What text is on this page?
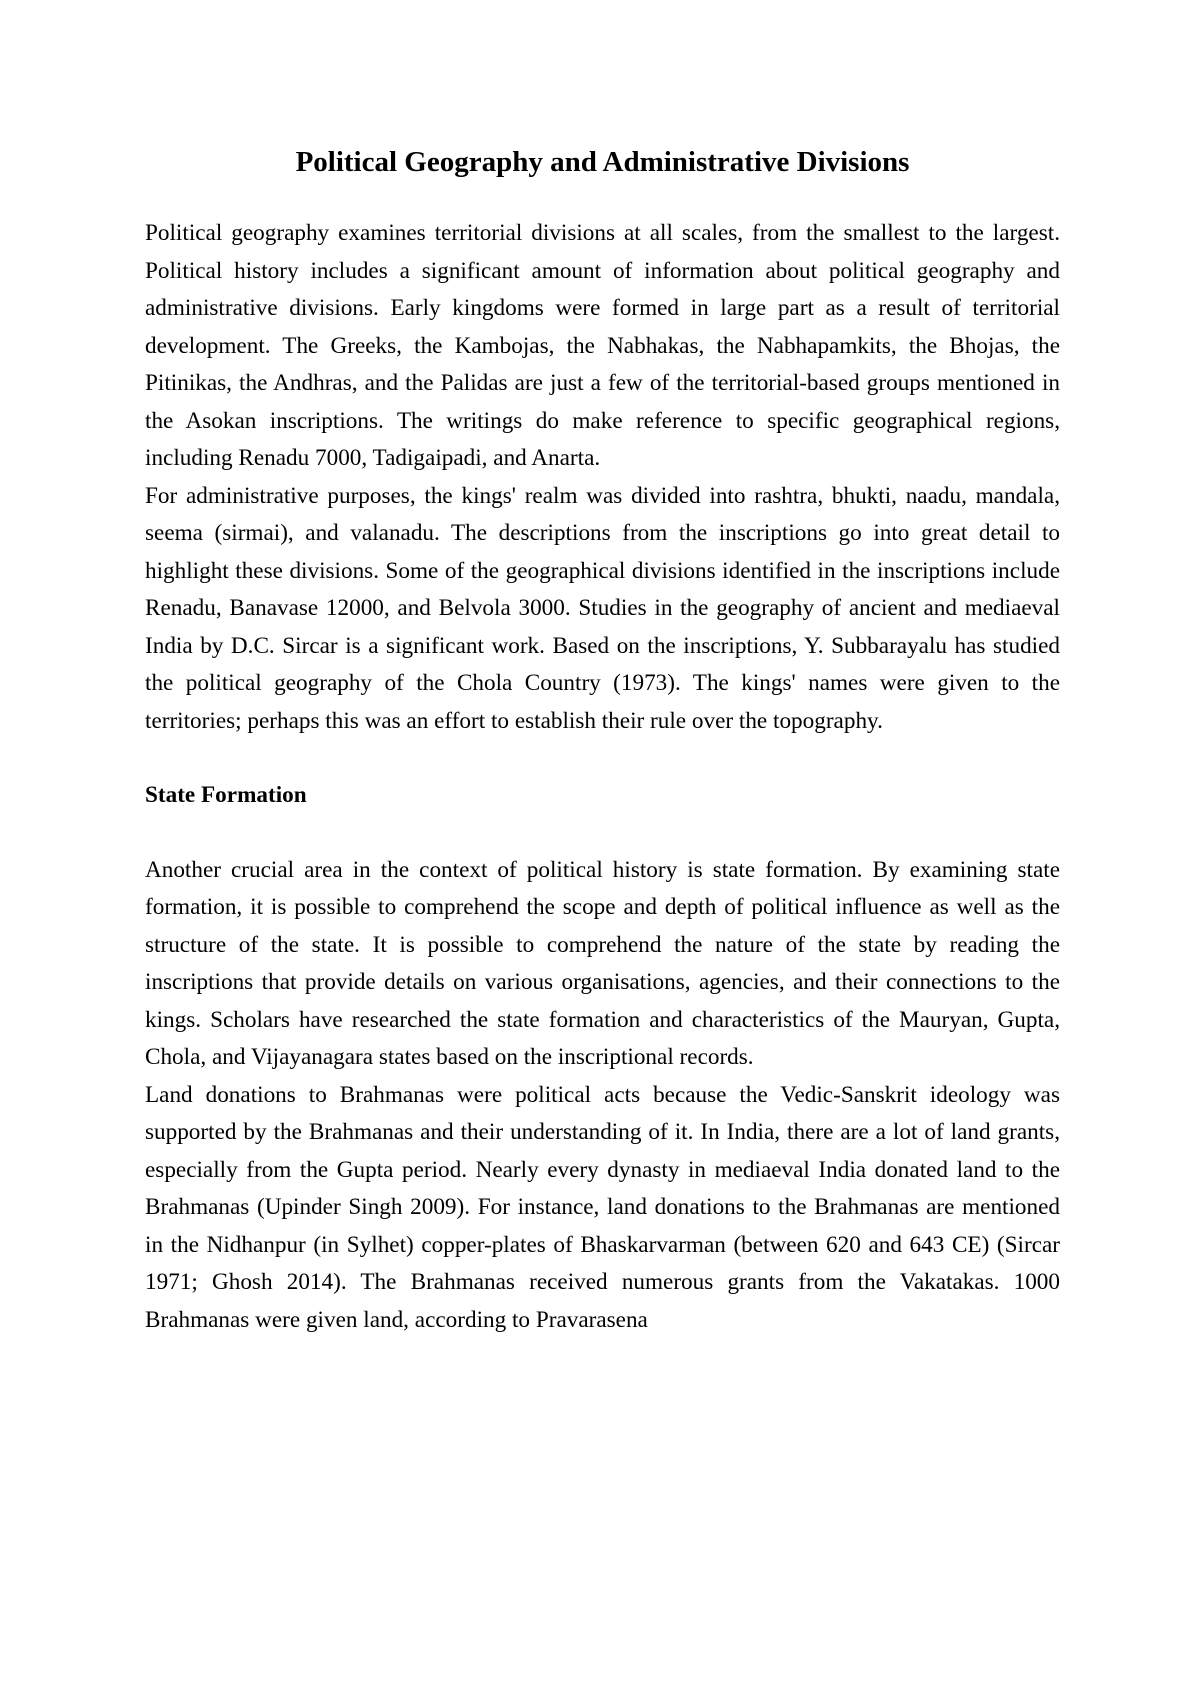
Political Geography and Administrative Divisions

Political geography examines territorial divisions at all scales, from the smallest to the largest. Political history includes a significant amount of information about political geography and administrative divisions. Early kingdoms were formed in large part as a result of territorial development. The Greeks, the Kambojas, the Nabhakas, the Nabhapamkits, the Bhojas, the Pitinikas, the Andhras, and the Palidas are just a few of the territorial-based groups mentioned in the Asokan inscriptions. The writings do make reference to specific geographical regions, including Renadu 7000, Tadigaipadi, and Anarta.

For administrative purposes, the kings' realm was divided into rashtra, bhukti, naadu, mandala, seema (sirmai), and valanadu. The descriptions from the inscriptions go into great detail to highlight these divisions. Some of the geographical divisions identified in the inscriptions include Renadu, Banavase 12000, and Belvola 3000. Studies in the geography of ancient and mediaeval India by D.C. Sircar is a significant work. Based on the inscriptions, Y. Subbarayalu has studied the political geography of the Chola Country (1973). The kings' names were given to the territories; perhaps this was an effort to establish their rule over the topography.

State Formation

Another crucial area in the context of political history is state formation. By examining state formation, it is possible to comprehend the scope and depth of political influence as well as the structure of the state. It is possible to comprehend the nature of the state by reading the inscriptions that provide details on various organisations, agencies, and their connections to the kings. Scholars have researched the state formation and characteristics of the Mauryan, Gupta, Chola, and Vijayanagara states based on the inscriptional records.

Land donations to Brahmanas were political acts because the Vedic-Sanskrit ideology was supported by the Brahmanas and their understanding of it. In India, there are a lot of land grants, especially from the Gupta period. Nearly every dynasty in mediaeval India donated land to the Brahmanas (Upinder Singh 2009). For instance, land donations to the Brahmanas are mentioned in the Nidhanpur (in Sylhet) copper-plates of Bhaskarvarman (between 620 and 643 CE) (Sircar 1971; Ghosh 2014). The Brahmanas received numerous grants from the Vakatakas. 1000 Brahmanas were given land, according to Pravarasena
